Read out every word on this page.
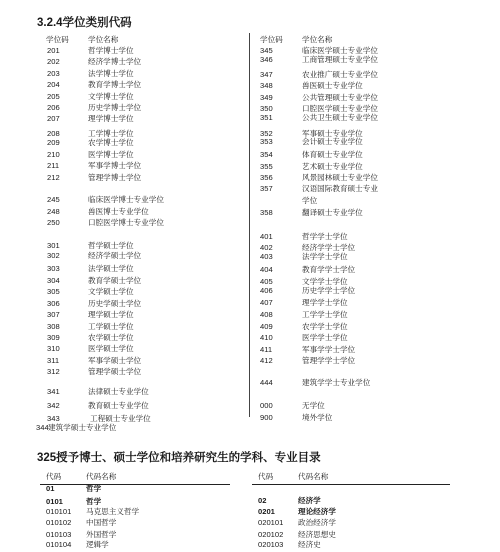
3.2.4学位类别代码
学位码	学位名称	学位码	学位名称
201	哲学博士学位
202	经济学博士学位
203	法学博士学位
204	教育学博士学位
205	文学博士学位
206	历史学博士学位
207	理学博士学位
208	工学博士学位
209	农学博士学位
210	医学博士学位
211	军事学博士学位
212	管理学博士学位
245	临床医学博士专业学位
248	兽医博士专业学位
250	口腔医学博士专业学位
301	哲学硕士学位
302	经济学硕士学位
303	法学硕士学位
304	教育学硕士学位
305	文学硕士学位
306	历史学硕士学位
307	理学硕士学位
308	工学硕士学位
309	农学硕士学位
310	医学硕士学位
311	军事学硕士学位
312	管理学硕士学位
341	法律硕士专业学位
342	教育硕士专业学位
343	工程硕士专业学位
344 建筑学硕士专业学位
345	临床医学硕士专业学位
346	工商管理硕士专业学位
347	农业推广硕士专业学位
348	兽医硕士专业学位
349	公共管理硕士专业学位
350	口腔医学硕士专业学位
351	公共卫生硕士专业学位
352	军事硕士专业学位
353	会计硕士专业学位
354	体育硕士专业学位
355	艺术硕士专业学位
356	风景园林硕士专业学位
357	汉语国际教育硕士专业
学位
358	翻译硕士专业学位
401	哲学学士学位
402	经济学学士学位
403	法学学士学位
404	教育学学士学位
405	文学学士学位
406	历史学学士学位
407	理学学士学位
408	工学学士学位
409	农学学士学位
410	医学学士学位
411	军事学学士学位
412	管理学学士学位
444	建筑学学士专业学位
000	无学位
900	境外学位
325授予博士、硕士学位和培养研究生的学科、专业目录
代码	代码名称	代码	代码名称
01	哲学
0101	哲学
010101 马克思主义哲学
010102 中国哲学
010103 外国哲学
010104 逻辑学
02	经济学
0201	理论经济学
020101 政治经济学
020102 经济思想史
020103 经济史
